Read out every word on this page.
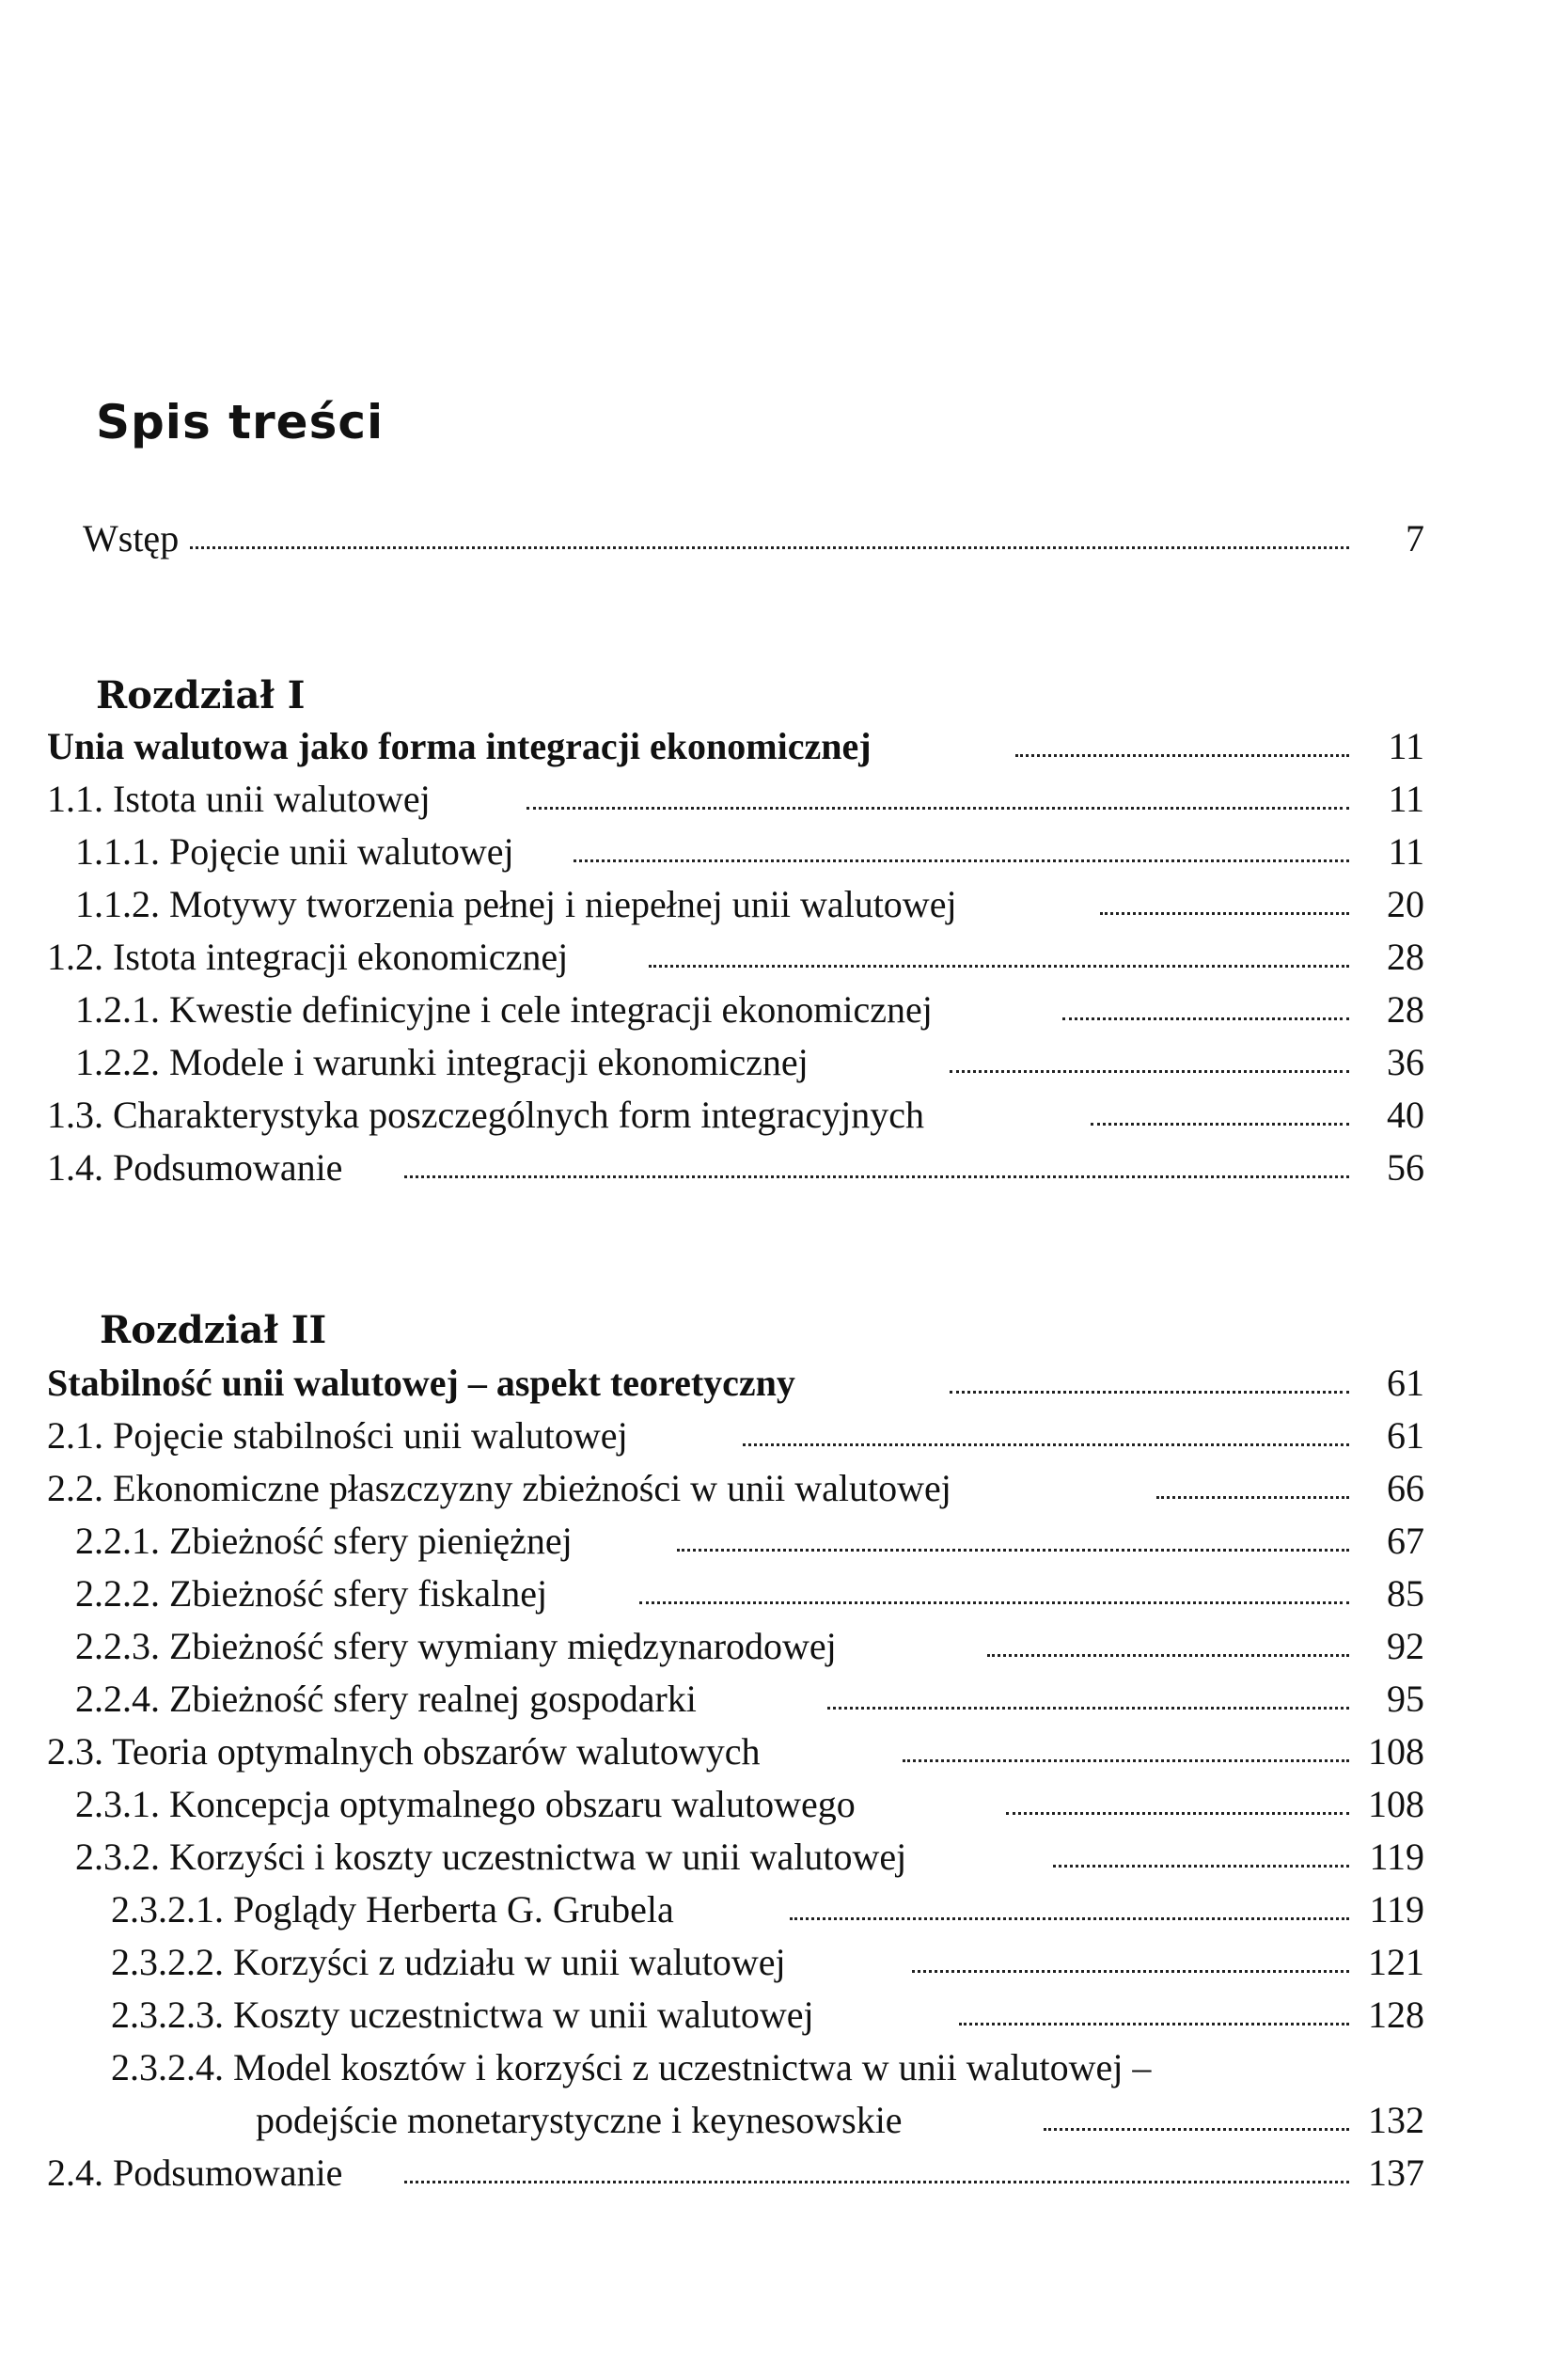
Spis treści
Wstęp	7
Rozdział I
Unia walutowa jako forma integracji ekonomicznej	11
1.1. Istota unii walutowej	11
1.1.1. Pojęcie unii walutowej	11
1.1.2. Motywy tworzenia pełnej i niepełnej unii walutowej	20
1.2. Istota integracji ekonomicznej	28
1.2.1. Kwestie definicyjne i cele integracji ekonomicznej	28
1.2.2. Modele i warunki integracji ekonomicznej	36
1.3. Charakterystyka poszczególnych form integracyjnych	40
1.4. Podsumowanie	56
Rozdział II
Stabilność unii walutowej – aspekt teoretyczny	61
2.1. Pojęcie stabilności unii walutowej	61
2.2. Ekonomiczne płaszczyzny zbieżności w unii walutowej	66
2.2.1. Zbieżność sfery pieniężnej	67
2.2.2. Zbieżność sfery fiskalnej	85
2.2.3. Zbieżność sfery wymiany międzynarodowej	92
2.2.4. Zbieżność sfery realnej gospodarki	95
2.3. Teoria optymalnych obszarów walutowych	108
2.3.1. Koncepcja optymalnego obszaru walutowego	108
2.3.2. Korzyści i koszty uczestnictwa w unii walutowej	119
2.3.2.1. Poglądy Herberta G. Grubela	119
2.3.2.2. Korzyści z udziału w unii walutowej	121
2.3.2.3. Koszty uczestnictwa w unii walutowej	128
2.3.2.4. Model kosztów i korzyści z uczestnictwa w unii walutowej –
podejście monetarystyczne i keynesowskie	132
2.4. Podsumowanie	137
